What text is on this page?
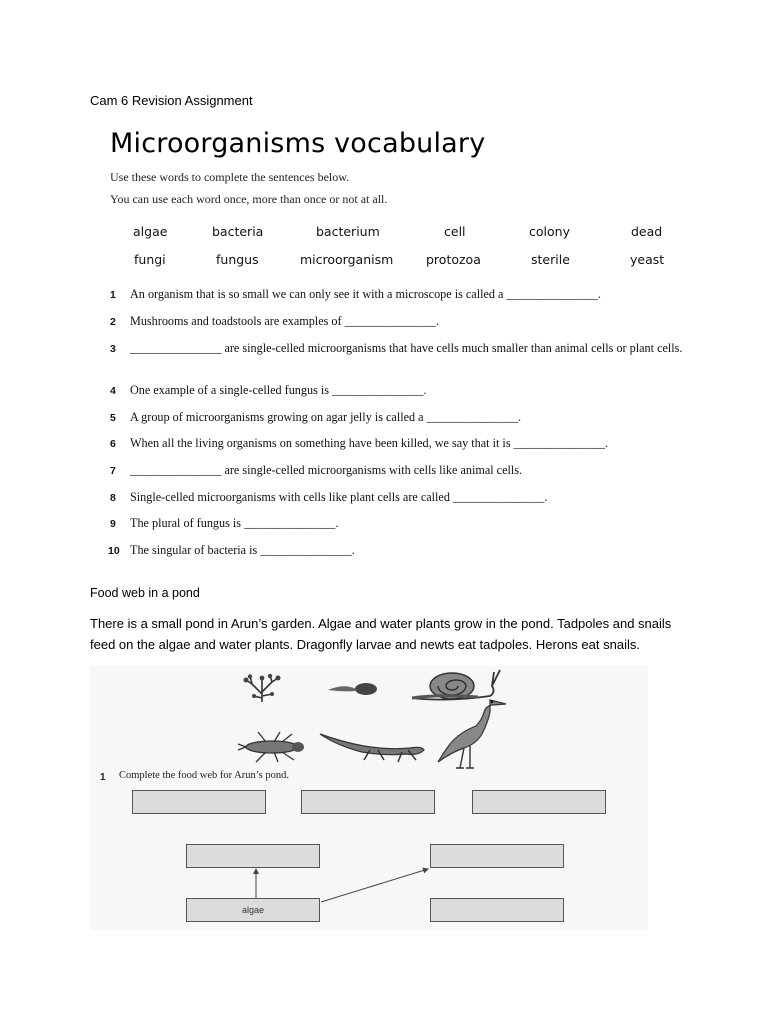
Cam 6 Revision Assignment
Microorganisms vocabulary
Use these words to complete the sentences below.
You can use each word once, more than once or not at all.
algae	bacteria	bacterium	cell	colony	dead
fungi	fungus	microorganism	protozoa	sterile	yeast
1 An organism that is so small we can only see it with a microscope is called a _______________.
2 Mushrooms and toadstools are examples of _______________.
3 _______________ are single-celled microorganisms that have cells much smaller than animal cells or plant cells.
4 One example of a single-celled fungus is _______________.
5 A group of microorganisms growing on agar jelly is called a _______________.
6 When all the living organisms on something have been killed, we say that it is _______________.
7 _______________ are single-celled microorganisms with cells like animal cells.
8 Single-celled microorganisms with cells like plant cells are called _______________.
9 The plural of fungus is _______________.
10 The singular of bacteria is _______________.
Food web in a pond
There is a small pond in Arun’s garden. Algae and water plants grow in the pond. Tadpoles and snails feed on the algae and water plants. Dragonfly larvae and newts eat tadpoles. Herons eat snails.
1 Complete the food web for Arun’s pond.
algae
